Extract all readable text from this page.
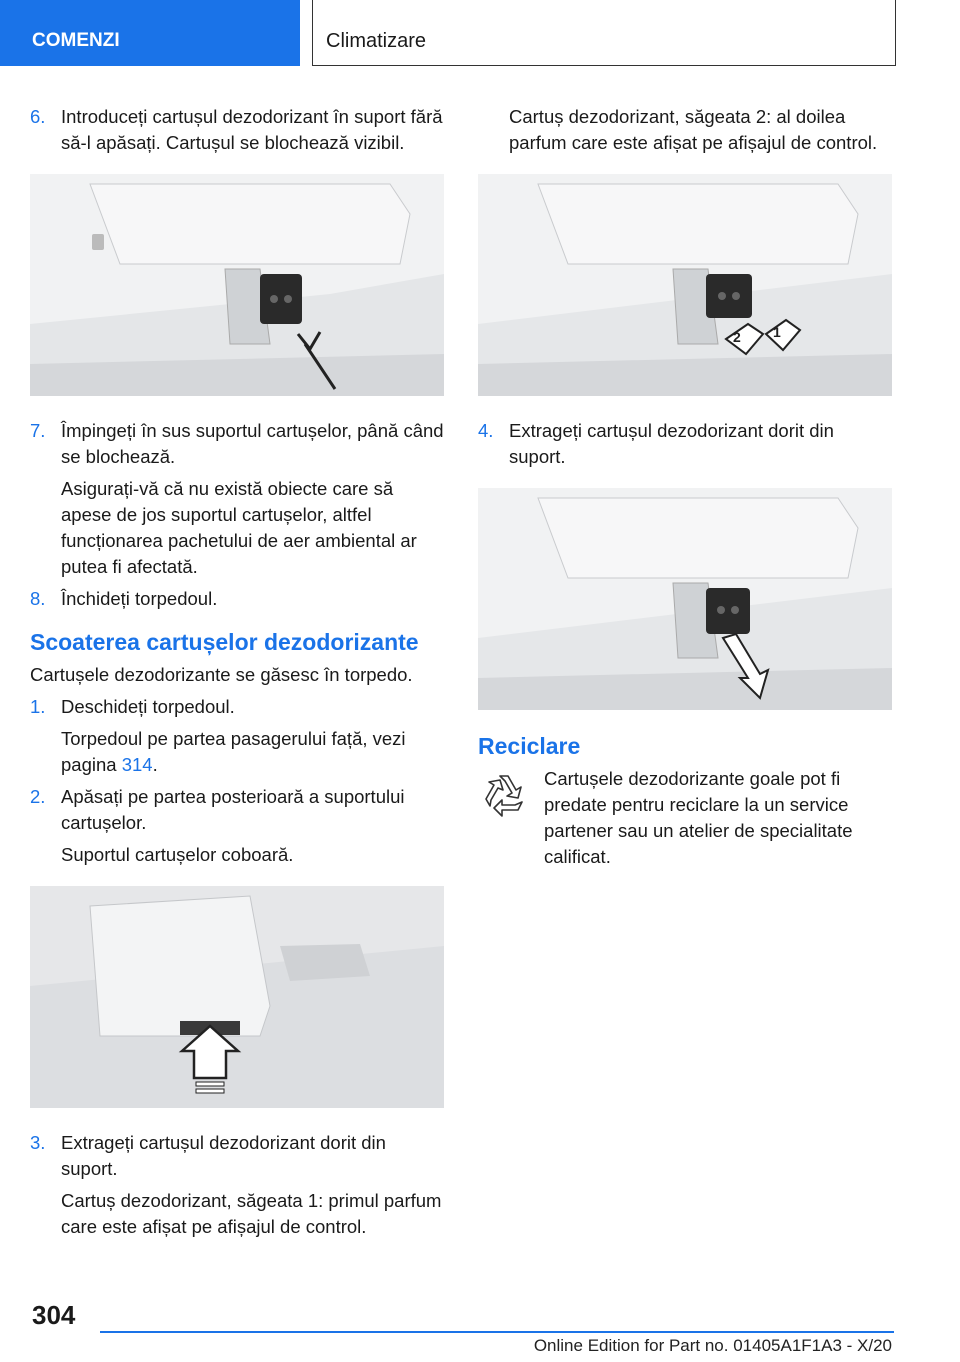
COMENZI	Climatizare
6. Introduceți cartușul dezodorizant în suport fără să-l apăsați. Cartușul se blochează vizibil.
7. Împingeți în sus suportul cartușelor, până când se blochează.
Asigurați-vă că nu există obiecte care să apese de jos suportul cartușelor, altfel funcționarea pachetului de aer ambiental ar putea fi afectată.
8. Închideți torpedoul.
Scoaterea cartușelor dezodorizante
Cartușele dezodorizante se găsesc în torpedo.
1. Deschideți torpedoul.
Torpedoul pe partea pasagerului față, vezi pagina 314.
2. Apăsați pe partea posterioară a suportului cartușelor.
Suportul cartușelor coboară.
3. Extrageți cartușul dezodorizant dorit din suport.
Cartuș dezodorizant, săgeata 1: primul parfum care este afișat pe afișajul de control.
Cartuș dezodorizant, săgeata 2: al doilea parfum care este afișat pe afișajul de control.
2 1
4. Extrageți cartușul dezodorizant dorit din suport.
Reciclare
Cartușele dezodorizante goale pot fi predate pentru reciclare la un service partener sau un atelier de specialitate calificat.
304
Online Edition for Part no. 01405A1F1A3 - X/20
